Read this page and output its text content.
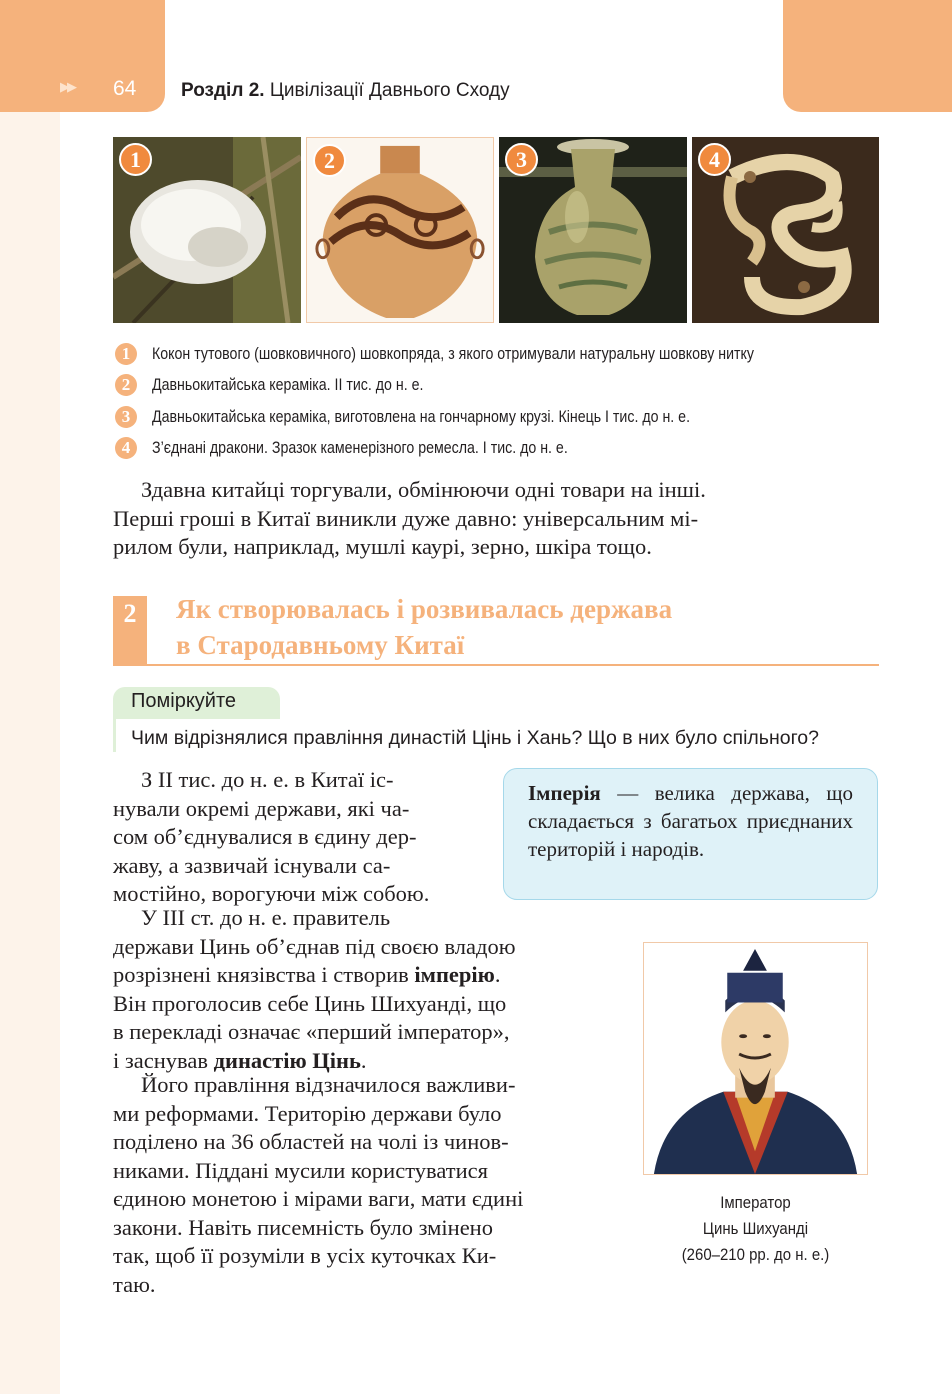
▶▶ 64 Розділ 2. Цивілізації Давнього Сходу
1	2	3	4
1	Кокон тутового (шовковичного) шовкопряда, з якого отримували натуральну шовкову нитку
2	Давньокитайська кераміка. II тис. до н. е.
3	Давньокитайська кераміка, виготовлена на гончарному крузі. Кінець I тис. до н. е.
4	З’єднані дракони. Зразок каменерізного ремесла. I тис. до н. е.

Здавна китайці торгували, обмінюючи одні товари на інші.

Перші гроші в Китаї виникли дуже давно: універсальним мі-

рилом були, наприклад, мушлі каурі, зерно, шкіра тощо.

2	Як створювалась і розвивалась держава
в Стародавньому Китаї
Поміркуйте
Чим відрізнялися правління династій Цінь і Хань? Що в них було спільного?
Імперія — велика держава, що складається з багатьох приєднаних територій і народів.

З II тис. до н. е. в Китаї іс-

нували окремі держави, які ча-

сом об’єднувалися в єдину дер-

жаву, а зазвичай існували са-

мостійно, ворогуючи між собою.

У III ст. до н. е. правитель

держави Цинь об’єднав під своєю владою

розрізнені князівства і створив імперію.

Він проголосив себе Цинь Шихуанді, що

в перекладі означає «перший імператор»,

і заснував династію Цінь.

Його правління відзначилося важливи-

ми реформами. Територію держави було

поділено на 36 областей на чолі із чинов-

никами. Піддані мусили користуватися

єдиною монетою і мірами ваги, мати єдині

закони. Навіть писемність було змінено

так, щоб її розуміли в усіх куточках Ки-

таю.

Імператор
Цинь Шихуанді
(260–210 рр. до н. е.)
